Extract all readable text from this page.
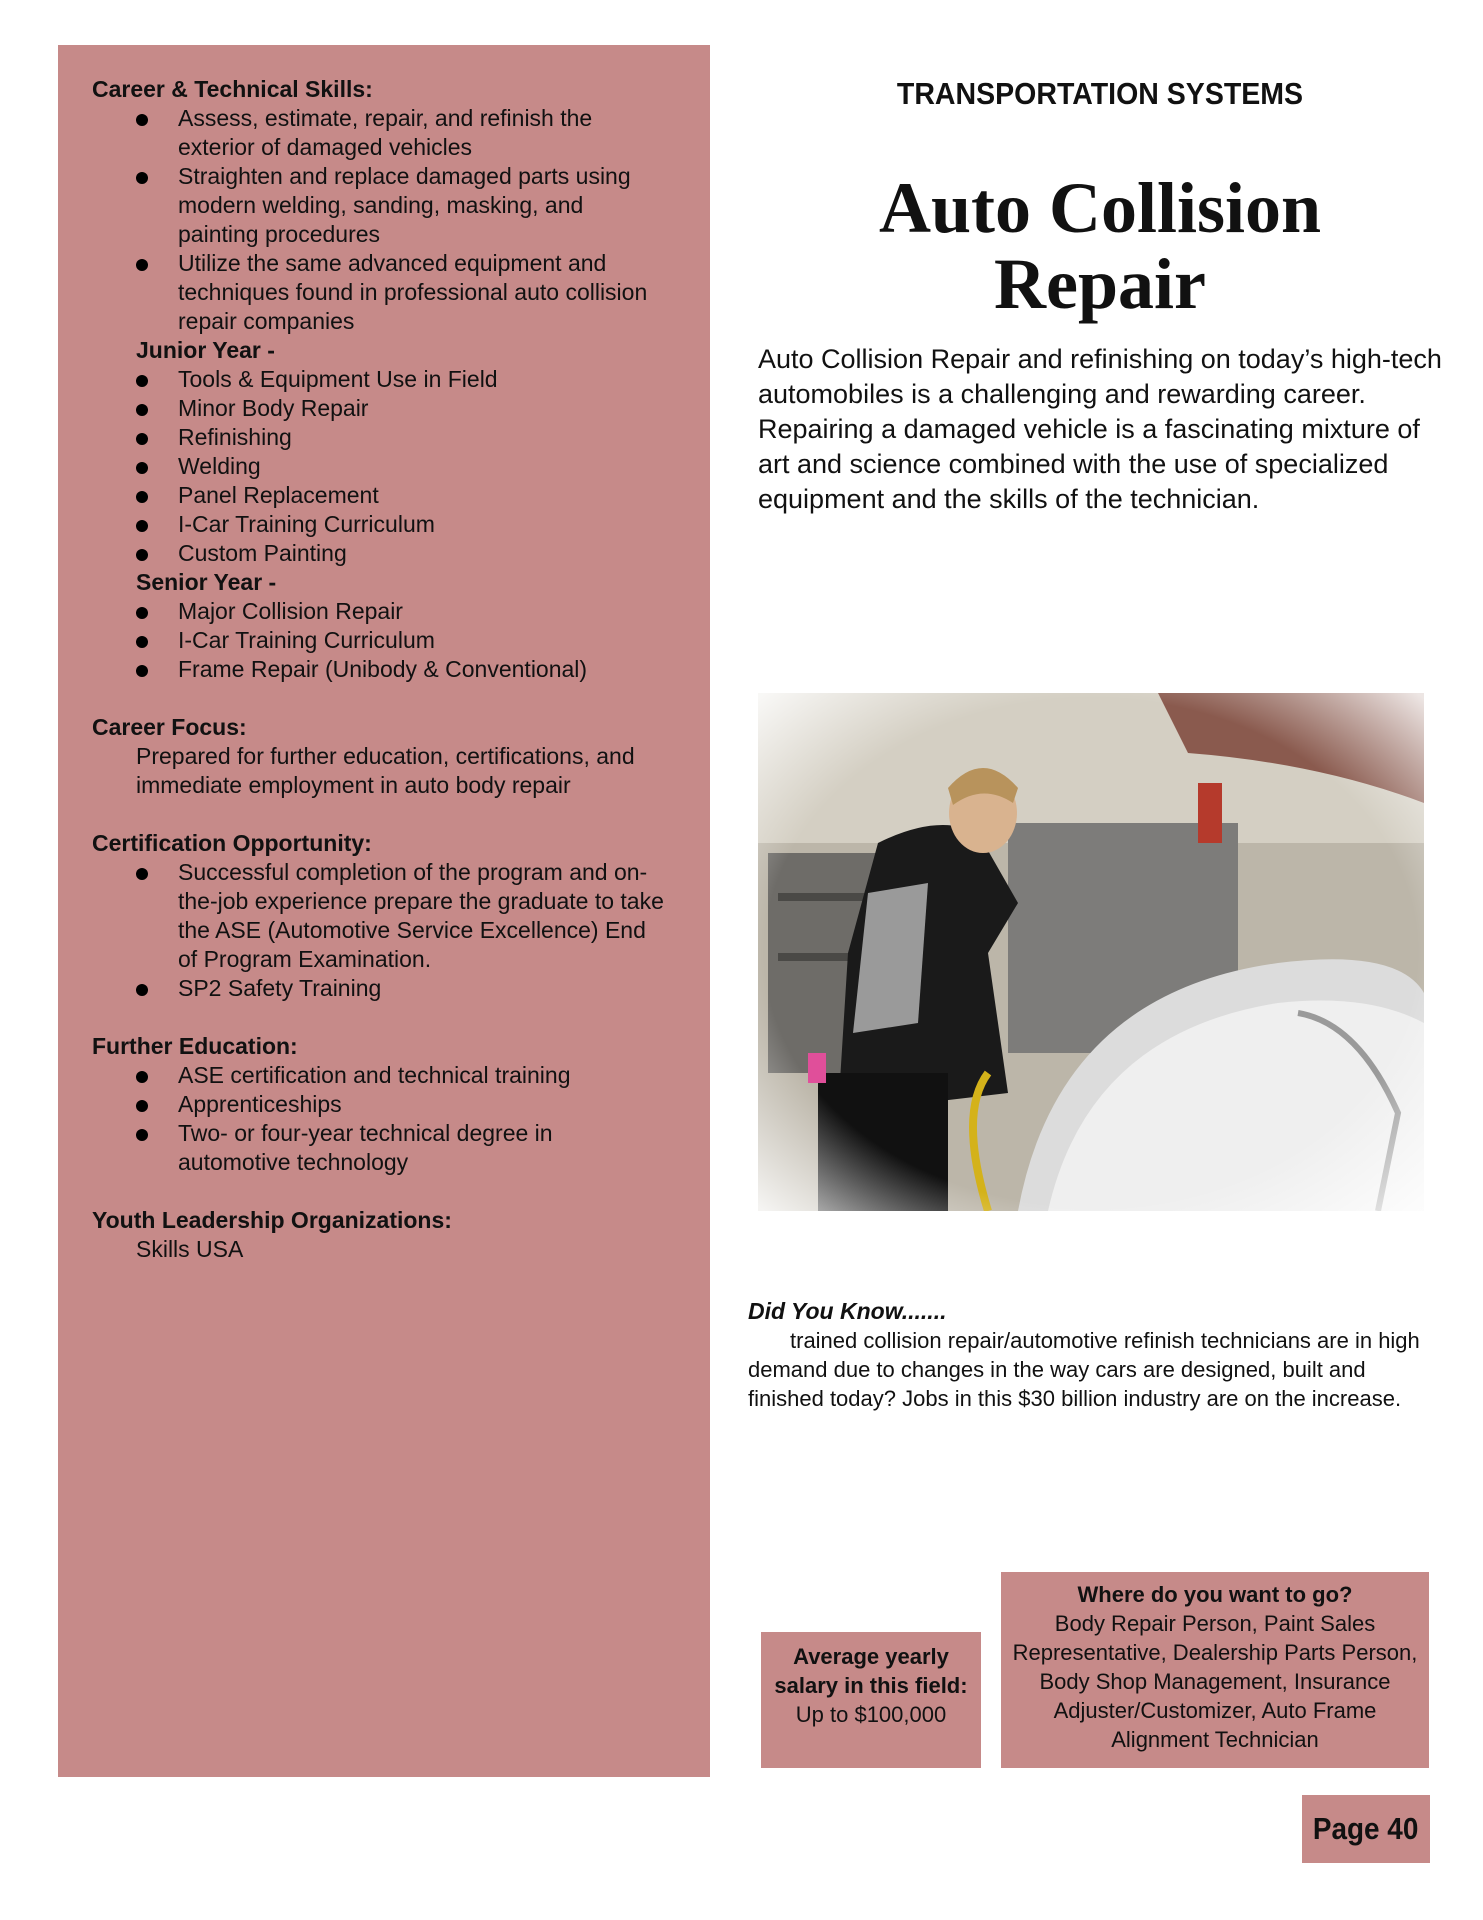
Career & Technical Skills:

Assess, estimate, repair, and refinish the exterior of damaged vehicles
Straighten and replace damaged parts using modern welding, sanding, masking, and painting procedures
Utilize the same advanced equipment and techniques found in professional auto collision repair companies

Junior Year -

Tools & Equipment Use in Field
Minor Body Repair
Refinishing
Welding
Panel Replacement
I-Car Training Curriculum
Custom Painting

Senior Year -

Major Collision Repair
I-Car Training Curriculum
Frame Repair (Unibody & Conventional)

Career Focus:

Prepared for further education, certifications, and immediate employment in auto body repair

Certification Opportunity:

Successful completion of the program and on-the-job experience prepare the graduate to take the ASE (Automotive Service Excellence) End of Program Examination.
SP2 Safety Training

Further Education:

ASE certification and technical training
Apprenticeships
Two- or four-year technical degree in automotive technology

Youth Leadership Organizations:

Skills USA

TRANSPORTATION SYSTEMS
Auto Collision
Repair

Auto Collision Repair and refinishing on today’s high-tech automobiles is a challenging and rewarding career. Repairing a damaged vehicle is a fascinating mixture of art and science combined with the use of specialized equipment and the skills of the technician.

Did You Know.......

trained collision repair/automotive refinish technicians are in high demand due to changes in the way cars are designed, built and finished today? Jobs in this $30 billion industry are on the increase.

Average yearly salary in this field:
Up to $100,000
Where do you want to go?
Body Repair Person, Paint Sales Representative, Dealership Parts Person, Body Shop Management, Insurance Adjuster/Customizer, Auto Frame Alignment Technician
Page 40
